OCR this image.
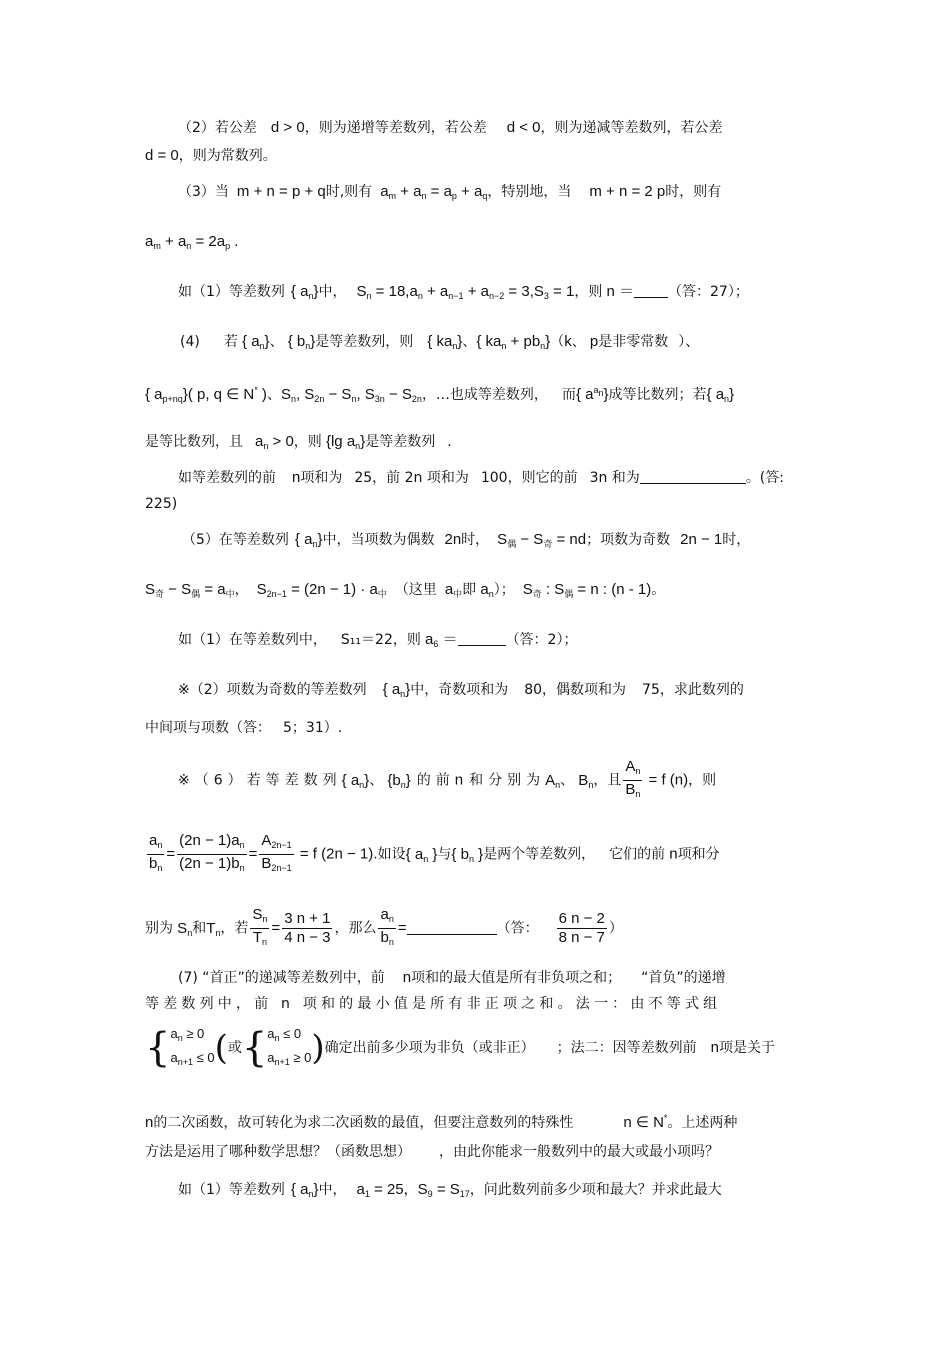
（2）若公差 d > 0，则为递增等差数列，若公差 d < 0，则为递减等差数列，若公差
d = 0，则为常数列。
（3）当 m + n = p + q时,则有 $a_m + a_n = a_p + a_q$，特别地，当 m + n = 2 p时，则有
$a_m + a_n = 2a_p$ .
如（1）等差数列 { $a_n$}中， $S_n = 18,a_n + a_{n-1} + a_{n-2} = 3,S_3 = 1$，则 n ＝ （答：27）；
(4) 若 { $a_n$}、 { $b_n$}是等差数列，则 { $ka_n$}、{ $ka_n + pb_n\}(k$、 p是非零常数 ）、
{ $a_{p+nq}$}( p, q ∈ N* )、$S_n$, $S_{2n} - S_n$, $S_{3n} - S_{2n}$，…也成等差数列， 而{ $a^{a_n}$}成等比数列；若{ $a_n$}
是等比数列，且 $a_n > 0$，则 {lg $a_n$}是等差数列 .
如等差数列的前 n项和为 25，前 2n 项和为 100，则它的前 3n 和为	。(答:
225)
（5）在等差数列 { $a_n$}中，当项数为偶数 2n时， $S_偶 - S_奇$ = nd；项数为奇数 2n − 1时，
$S_奇 - S_偶 = a_中$， $S_{2n-1} = (2n - 1) \cdot a_中$ （这里 $a_中$即 $a_n$）； $S_奇$ : $S_偶 = n$ : (n - 1)。
如（1）在等差数列中， S₁₁＝22，则 $a_6$ ＝	（答：2）；
※（2）项数为奇数的等差数列 { $a_n$}中，奇数项和为 80，偶数项和为 75，求此数列的
中间项与项数（答： 5；31）.
※（6）若等差数列{ $a_n$}、 $\{b_n\}$ 的前n 和分别为$A_n$、 $B_n$，且 $\frac{A_n}{B_n} = f$ (n)，则
$\frac{a_n}{b_n} = \frac{(2n - 1)a_n}{(2n - 1)b_n} = \frac{A_{2n-1}}{B_{2n-1}} = f$ (2n − 1).如设{ $a_n$ }与{ $b_n$ }是两个等差数列， 它们的前 n项和分
别为 $S_n$和$T_n$，若 $\frac{S_n}{T_n} = \frac{3 n + 1}{4 n - 3}$ ，那么 $\frac{a_n}{b_n}$ =	（答： $\frac{6 n - 2}{8 n - 7}$ ）
(7) “首正”的递减等差数列中，前 n项和的最大值是所有非负项之和； “首负”的递增
等差数列中，前 n 项和的最小值是所有非正项之和。法一：由不等式组
{ $a_n \ge 0$
$a_{n+1} \le 0$ (或{ $a_n \le 0$
$a_{n+1} \ge 0$ )确定出前多少项为非负（或非正） ；法二：因等差数列前 n项是关于
n的二次函数，故可转化为求二次函数的最值，但要注意数列的特殊性	n ∈ N*。上述两种
方法是运用了哪种数学思想？（函数思想） ，由此你能求一般数列中的最大或最小项吗？
如（1）等差数列 { $a_n$}中， $a_1 = 25$，$S_9 = S_{17}$，问此数列前多少项和最大？并求此最大
